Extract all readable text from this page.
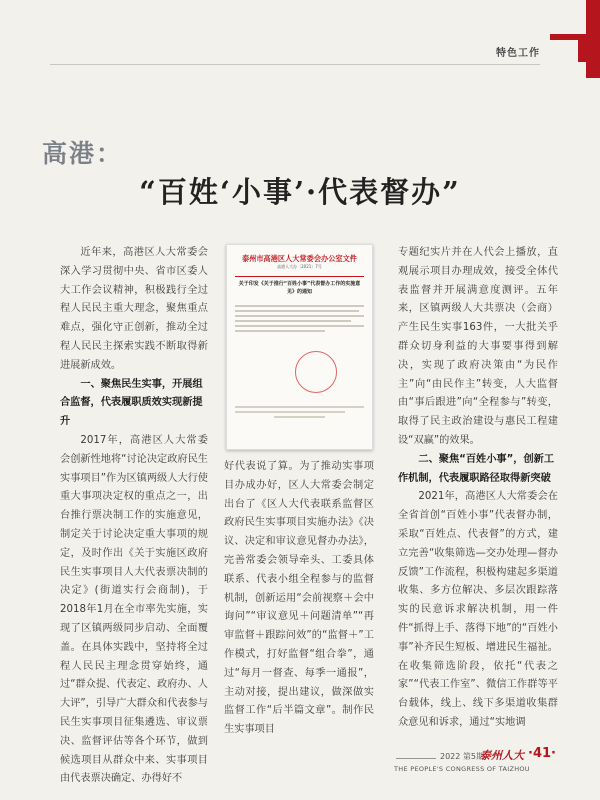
特色工作
高港：
“百姓‘小事’·代表督办”

近年来，高港区人大常委会深入学习贯彻中央、省市区委人大工作会议精神，积极践行全过程人民民主重大理念，聚焦重点难点，强化守正创新，推动全过程人民民主探索实践不断取得新进展新成效。

一、聚焦民生实事，开展组合监督，代表履职质效实现新提升

2017年，高港区人大常委会创新性地将“讨论决定政府民生实事项目”作为区镇两级人大行使重大事项决定权的重点之一，出台推行票决制工作的实施意见，制定关于讨论决定重大事项的规定，及时作出《关于实施区政府民生实事项目人大代表票决制的决定》(街道实行会商制)，于2018年1月在全市率先实施，实现了区镇两级同步启动、全面覆盖。在具体实践中，坚持将全过程人民民主理念贯穿始终，通过“群众提、代表定、政府办、人大评”，引导广大群众和代表参与民生实事项目征集遴选、审议票决、监督评估等各个环节，做到候选项目从群众中来、实事项目由代表票决确定、办得好不

泰州市高港区人大常委会办公室文件
高港人大办〔2021〕7号
关于印发《关于推行“百姓小事”代表督办工作的实施意见》的通知

好代表说了算。为了推动实事项目办成办好，区人大常委会制定出台了《区人大代表联系监督区政府民生实事项目实施办法》《决议、决定和审议意见督办办法》，完善常委会领导牵头、工委具体联系、代表小组全程参与的监督机制，创新运用“会前视察＋会中询问”“审议意见＋问题清单”“再审监督＋跟踪问效”的“监督＋”工作模式，打好监督“组合拳”，通过“每月一督查、每季一通报”，主动对接，提出建议，做深做实监督工作“后半篇文章”。制作民生实事项目

专题纪实片并在人代会上播放，直观展示项目办理成效，接受全体代表监督并开展满意度测评。五年来，区镇两级人大共票决（会商）产生民生实事163件，一大批关乎群众切身利益的大事要事得到解决，实现了政府决策由“为民作主”向“由民作主”转变，人大监督由“事后跟进”向“全程参与”转变，取得了民主政治建设与惠民工程建设“双赢”的效果。

二、聚焦“百姓小事”，创新工作机制，代表履职路径取得新突破

2021年，高港区人大常委会在全省首创“百姓小事”代表督办制，采取“百姓点、代表督”的方式，建立完善“收集筛选—交办处理—督办反馈”工作流程，积极构建起多渠道收集、多方位解决、多层次跟踪落实的民意诉求解决机制，用一件件“抓得上手、落得下地”的“百姓小事”补齐民生短板、增进民生福祉。在收集筛选阶段，依托“代表之家”“代表工作室”、微信工作群等平台载体，线上、线下多渠道收集群众意见和诉求，通过“实地调

2022 第5期
泰州人大 ·41·
THE PEOPLE'S CONGRESS OF TAIZHOU
